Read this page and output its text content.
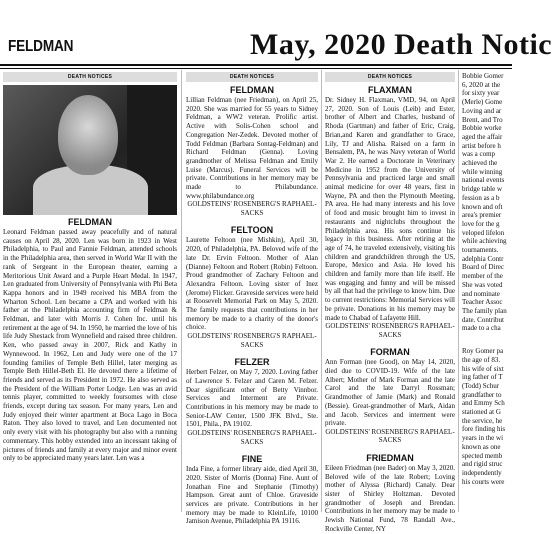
FELDMAN	May, 2020 Death Notic
DEATH NOTICES
FELDMAN

Leonard Feldman passed away peacefully and of natural causes on April 28, 2020. Len was born in 1923 in West Philadelphia, to Paul and Fannie Feldman, attended schools in the Philadelphia area, then served in World War II with the rank of Sergeant in the European theater, earning a Meritorious Unit Award and a Purple Heart Medal. In 1947, Len graduated from University of Pennsylvania with Phi Beta Kappa honors and in 1949 received his MBA from the Wharton School. Len became a CPA and worked with his father at the Philadelphia accounting firm of Feldman & Feldman, and later with Morris J. Cohen Inc. until his retirement at the age of 94. In 1950, he married the love of his life Judy Shestack from Wynnefield and raised three children. Ken, who passed away in 2007, Rick and Kathy in Wynnewood. In 1962, Len and Judy were one of the 17 founding families of Temple Beth Hillel, later merging as Temple Beth Hillel-Beth El. He devoted there a lifetime of friends and served as its President in 1972. He also served as the President of the William Porter Lodge. Len was an avid tennis player, committed to weekly foursomes with close friends, except during tax season. For many years, Len and Judy enjoyed their winter apartment at Boca Lago in Boca Raton. They also loved to travel, and Len documented not only every visit with his photography but also with a running commentary. This hobby extended into an incessant taking of pictures of friends and family at every major and minor event only to be appreciated many years later. Len was a

DEATH NOTICES
FELDMAN

Lillian Feldman (nee Friedman), on April 25, 2020. She was married for 55 years to Sidney Feldman, a WW2 veteran. Prolific artist. Active with Solis-Cohen school and Congregation Ner-Zedek. Devoted mother of Todd Feldman (Barbara Sontag-Feldman) and Richard Feldman (Genna). Loving grandmother of Melissa Feldman and Emily Luise (Marcus). Funeral Services will be private. Contributions in her memory may be made to Philabundance. www.philabundance.org

GOLDSTEINS' ROSENBERG'S RAPHAEL-SACKS

FELTOON

Laurette Feltoon (nee Mishkin), April 30, 2020, of Philadelphia, PA. Beloved wife of the late Dr. Ervin Feltoon. Mother of Alan (Dianne) Feltoon and Robert (Robin) Feltoon. Proud grandmother of Zachary Feltoon and Alexandra Feltoon. Loving sister of Inez (Jerome) Flicker. Graveside services were held at Roosevelt Memorial Park on May 5, 2020. The family requests that contributions in her memory be made to a charity of the donor's choice.

GOLDSTEINS' ROSENBERG'S RAPHAEL-SACKS

FELZER

Herbert Felzer, on May 7, 2020. Loving father of Lawrence S. Felzer and Caren M. Felzer. Dear significant other of Betty Vinnbor. Services and Interment are Private. Contributions in his memory may be made to Senior-LAW Center, 1500 JFK Blvd., Ste. 1501, Phila., PA 19102.

GOLDSTEINS' ROSENBERG'S RAPHAEL-SACKS

FINE

Inda Fine, a former library aide, died April 30, 2020. Sister of Morris (Donna) Fine. Aunt of Jonathan Fine and Stephanie (Timothy) Hampson. Great aunt of Chloe. Graveside services are private. Contributions in her memory may be made to KleinLife, 10100 Jamison Avenue, Philadelphia PA 19116.

DEATH NOTICES
FLAXMAN

Dr. Sidney H. Flaxman, VMD, 94, on April 27, 2020. Son of Louis (Leib) and Ester, brother of Albert and Charles, husband of Rhoda (Gartman) and father of Eric, Craig, Brian,and Karen and grandfather to Grace, Lily, TJ and Alisha. Raised on a farm in Bensalem, PA, he was Navy veteran of World War 2. He earned a Doctorate in Veterinary Medicine in 1952 from the University of Pennsylvania and practiced large and small animal medicine for over 48 years, first in Wayne, PA and then the Plymouth Meeting, PA area. He had many interests and his love of food and music brought him to invest in restaurants and nightclubs throughout the Philadelphia area. His sons continue his legacy in this business. After retiring at the age of 74, he traveled extensively, visiting his children and grandchildren through the US, Europe, Mexico and Asia. He loved his children and family more than life itself. He was engaging and funny and will be missed by all that had the privilege to know him. Due to current restrictions: Memorial Services will be private. Donations in his memory may be made to Chabad of Lafayette Hill.

GOLDSTEINS' ROSENBERG'S RAPHAEL-SACKS

FORMAN

Ann Forman (nee Good), on May 14, 2020, died due to COVID-19. Wife of the late Albert; Mother of Mark Forman and the late Carol and the late Darryl Rossman; Grandmother of Jamie (Mark) and Ronald (Bessie). Great-grandmother of Mark, Aidan and Jacob. Services and interment were private.

GOLDSTEINS' ROSENBERG'S RAPHAEL-SACKS

FRIEDMAN

Eileen Friedman (nee Bader) on May 3, 2020. Beloved wife of the late Robert; Loving mother of Alyssa (Richard) Canaly. Dear sister of Shirley Holtzman. Devoted grandmother of Joseph and Brendan. Contributions in her memory may be made to Jewish National Fund, 78 Randall Ave., Rockville Center, NY

Bobbie Gomer
6, 2020 at the
for sixty year
(Merle) Gome
Loving and ar
Brent, and Tro
Bobbie worke
aged the affair
artist before h
was a comp
achieved the
while winning
national events
bridge table w
fession as a b
known and oft
area's premier
love for the g
veloped lifelon
while achieving
tournaments.
adelphia Contr
Board of Direc
member of the
She was voted
and nominate
Teacher Assoc
The family plan
date. Contribut
made to a cha
Roy Gomer pa
the age of 83.
his wife of sixt
ing father of T
(Todd) Schur
grandfather to
and Emmy Sch
stationed at G
the service, he
fore finding his
years in the wi
known as one
spected memb
and rigid struc
independently
his courts were
